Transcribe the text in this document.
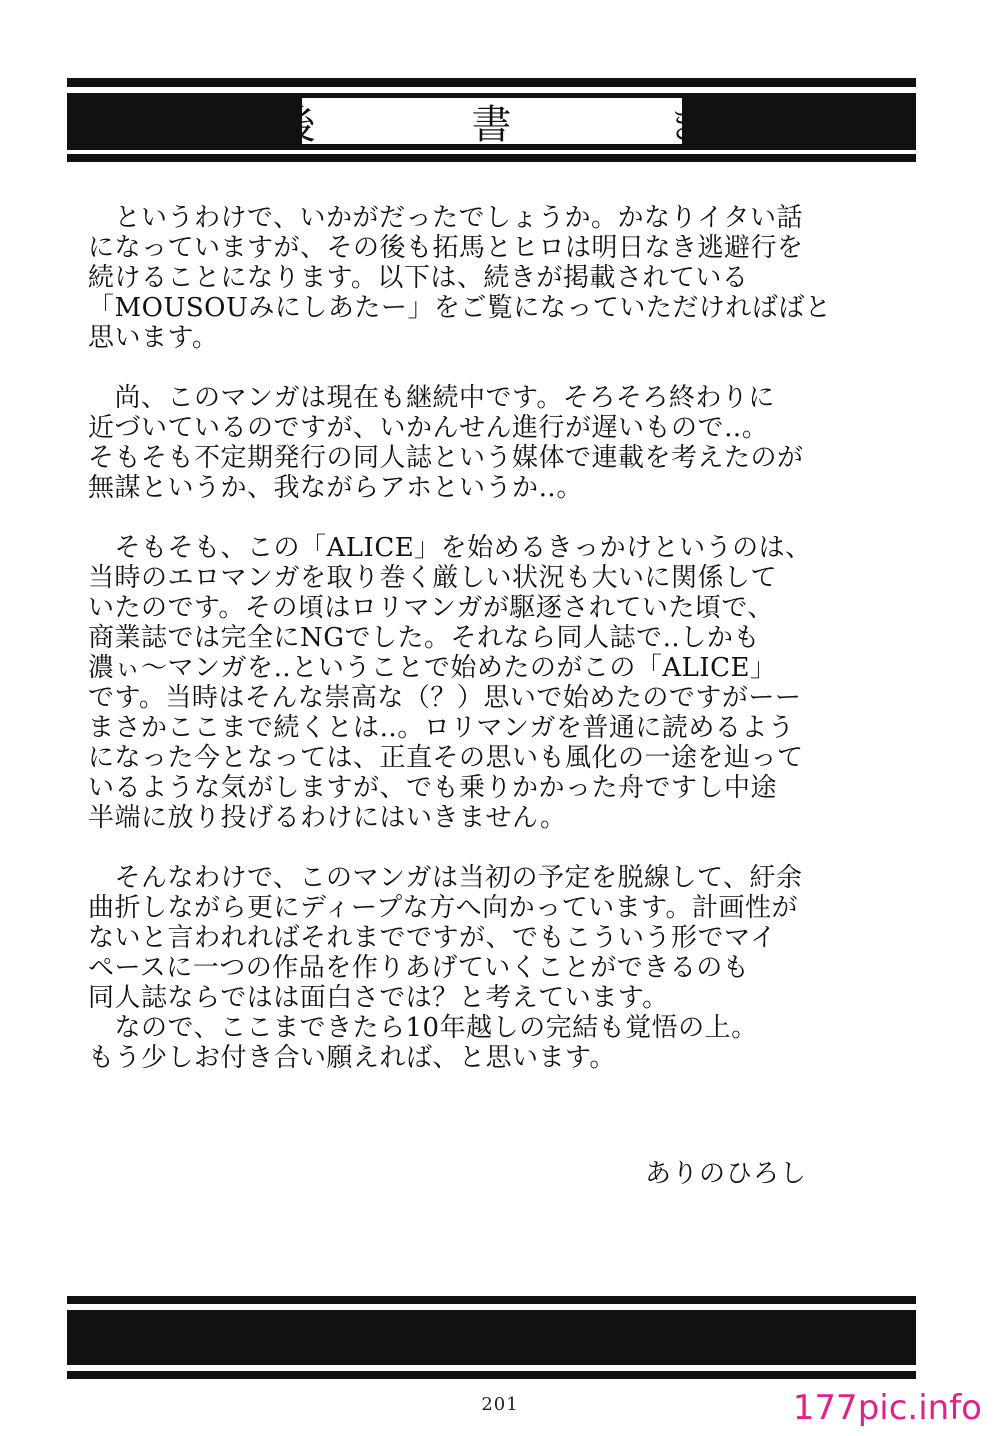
後　書　き
　というわけで、いかがだったでしょうか。かなりイタい話
になっていますが、その後も拓馬とヒロは明日なき逃避行を
続けることになります。以下は、続きが掲載されている
「MOUSOUみにしあたー」をご覧になっていただければばと
思います。
　尚、このマンガは現在も継続中です。そろそろ終わりに
近づいているのですが、いかんせん進行が遅いもので‥。
そもそも不定期発行の同人誌という媒体で連載を考えたのが
無謀というか、我ながらアホというか‥。
　そもそも、この「ALICE」を始めるきっかけというのは、
当時のエロマンガを取り巻く厳しい状況も大いに関係して
いたのです。その頃はロリマンガが駆逐されていた頃で、
商業誌では完全にNGでした。それなら同人誌で‥しかも
濃ぃ〜マンガを‥ということで始めたのがこの「ALICE」
です。当時はそんな崇高な（？）思いで始めたのですがーー
まさかここまで続くとは‥。ロリマンガを普通に読めるよう
になった今となっては、正直その思いも風化の一途を辿って
いるような気がしますが、でも乗りかかった舟ですし中途
半端に放り投げるわけにはいきません。
　そんなわけで、このマンガは当初の予定を脱線して、紆余
曲折しながら更にディープな方へ向かっています。計画性が
ないと言われればそれまでですが、でもこういう形でマイ
ペースに一つの作品を作りあげていくことができるのも
同人誌ならではは面白さでは？と考えています。
　なので、ここまできたら10年越しの完結も覚悟の上。
もう少しお付き合い願えれば、と思います。
ありのひろし
201	177pic.info
